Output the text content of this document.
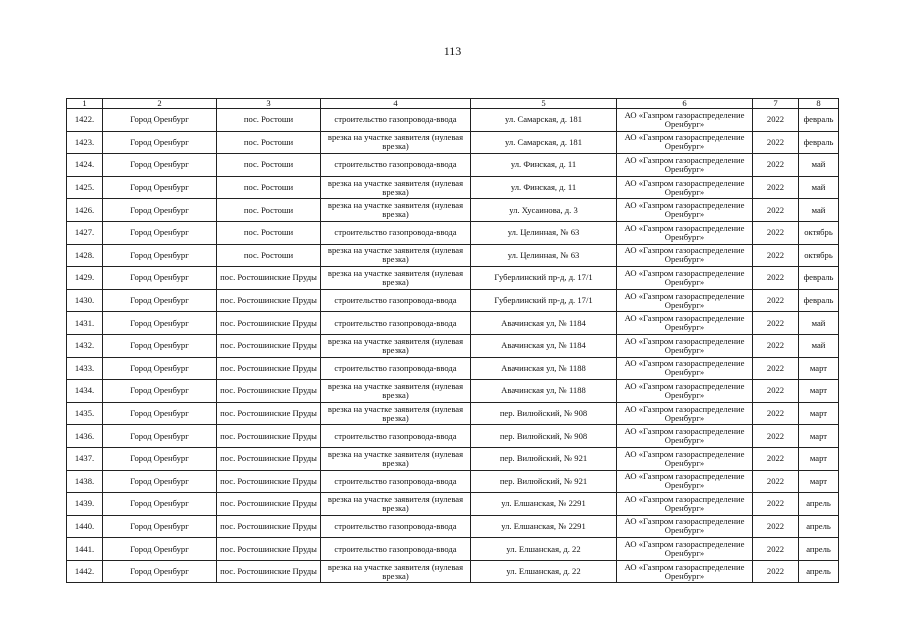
113
1	2	3	4	5	6	7	8
1422.	Город Оренбург	пос. Ростоши	строительство газопровода-ввода	ул. Самарская, д. 181	АО «Газпром газораспределение Оренбург»	2022	февраль
1423.	Город Оренбург	пос. Ростоши	врезка на участке заявителя (нулевая врезка)	ул. Самарская, д. 181	АО «Газпром газораспределение Оренбург»	2022	февраль
1424.	Город Оренбург	пос. Ростоши	строительство газопровода-ввода	ул. Финская, д. 11	АО «Газпром газораспределение Оренбург»	2022	май
1425.	Город Оренбург	пос. Ростоши	врезка на участке заявителя (нулевая врезка)	ул. Финская, д. 11	АО «Газпром газораспределение Оренбург»	2022	май
1426.	Город Оренбург	пос. Ростоши	врезка на участке заявителя (нулевая врезка)	ул. Хусаинова, д. 3	АО «Газпром газораспределение Оренбург»	2022	май
1427.	Город Оренбург	пос. Ростоши	строительство газопровода-ввода	ул. Целинная, № 63	АО «Газпром газораспределение Оренбург»	2022	октябрь
1428.	Город Оренбург	пос. Ростоши	врезка на участке заявителя (нулевая врезка)	ул. Целинная, № 63	АО «Газпром газораспределение Оренбург»	2022	октябрь
1429.	Город Оренбург	пос. Ростошинские Пруды	врезка на участке заявителя (нулевая врезка)	Губерлинский пр-д, д. 17/1	АО «Газпром газораспределение Оренбург»	2022	февраль
1430.	Город Оренбург	пос. Ростошинские Пруды	строительство газопровода-ввода	Губерлинский пр-д, д. 17/1	АО «Газпром газораспределение Оренбург»	2022	февраль
1431.	Город Оренбург	пос. Ростошинские Пруды	строительство газопровода-ввода	Авачинская ул, № 1184	АО «Газпром газораспределение Оренбург»	2022	май
1432.	Город Оренбург	пос. Ростошинские Пруды	врезка на участке заявителя (нулевая врезка)	Авачинская ул, № 1184	АО «Газпром газораспределение Оренбург»	2022	май
1433.	Город Оренбург	пос. Ростошинские Пруды	строительство газопровода-ввода	Авачинская ул, № 1188	АО «Газпром газораспределение Оренбург»	2022	март
1434.	Город Оренбург	пос. Ростошинские Пруды	врезка на участке заявителя (нулевая врезка)	Авачинская ул, № 1188	АО «Газпром газораспределение Оренбург»	2022	март
1435.	Город Оренбург	пос. Ростошинские Пруды	врезка на участке заявителя (нулевая врезка)	пер. Вилюйский, № 908	АО «Газпром газораспределение Оренбург»	2022	март
1436.	Город Оренбург	пос. Ростошинские Пруды	строительство газопровода-ввода	пер. Вилюйский, № 908	АО «Газпром газораспределение Оренбург»	2022	март
1437.	Город Оренбург	пос. Ростошинские Пруды	врезка на участке заявителя (нулевая врезка)	пер. Вилюйский, № 921	АО «Газпром газораспределение Оренбург»	2022	март
1438.	Город Оренбург	пос. Ростошинские Пруды	строительство газопровода-ввода	пер. Вилюйский, № 921	АО «Газпром газораспределение Оренбург»	2022	март
1439.	Город Оренбург	пос. Ростошинские Пруды	врезка на участке заявителя (нулевая врезка)	ул. Елшанская, № 2291	АО «Газпром газораспределение Оренбург»	2022	апрель
1440.	Город Оренбург	пос. Ростошинские Пруды	строительство газопровода-ввода	ул. Елшанская, № 2291	АО «Газпром газораспределение Оренбург»	2022	апрель
1441.	Город Оренбург	пос. Ростошинские Пруды	строительство газопровода-ввода	ул. Елшанская, д. 22	АО «Газпром газораспределение Оренбург»	2022	апрель
1442.	Город Оренбург	пос. Ростошинские Пруды	врезка на участке заявителя (нулевая врезка)	ул. Елшанская, д. 22	АО «Газпром газораспределение Оренбург»	2022	апрель
